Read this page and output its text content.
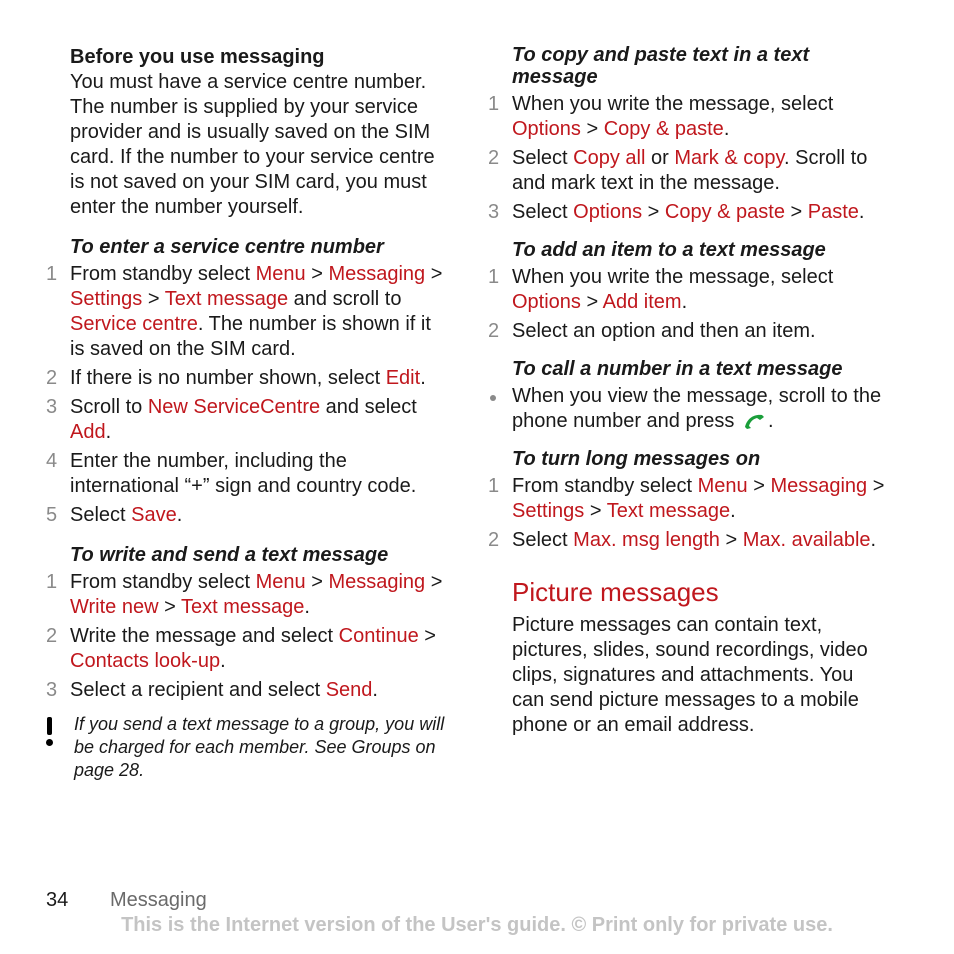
Before you use messaging

You must have a service centre number. The number is supplied by your service provider and is usually saved on the SIM card. If the number to your service centre is not saved on your SIM card, you must enter the number yourself.

To enter a service centre number

1 From standby select Menu > Messaging > Settings > Text message and scroll to Service centre. The number is shown if it is saved on the SIM card.
2 If there is no number shown, select Edit.
3 Scroll to New ServiceCentre and select Add.
4 Enter the number, including the international “+” sign and country code.
5 Select Save.

To write and send a text message

1 From standby select Menu > Messaging > Write new > Text message.
2 Write the message and select Continue > Contacts look-up.
3 Select a recipient and select Send.
If you send a text message to a group, you will be charged for each member. See Groups on page 28.

To copy and paste text in a text message

1 When you write the message, select Options > Copy & paste.
2 Select Copy all or Mark & copy. Scroll to and mark text in the message.
3 Select Options > Copy & paste > Paste.

To add an item to a text message

1 When you write the message, select Options > Add item.
2 Select an option and then an item.

To call a number in a text message

When you view the message, scroll to the phone number and press .

To turn long messages on

1 From standby select Menu > Messaging > Settings > Text message.
2 Select Max. msg length > Max. available.
Picture messages

Picture messages can contain text, pictures, slides, sound recordings, video clips, signatures and attachments. You can send picture messages to a mobile phone or an email address.

34 Messaging
This is the Internet version of the User's guide. © Print only for private use.
